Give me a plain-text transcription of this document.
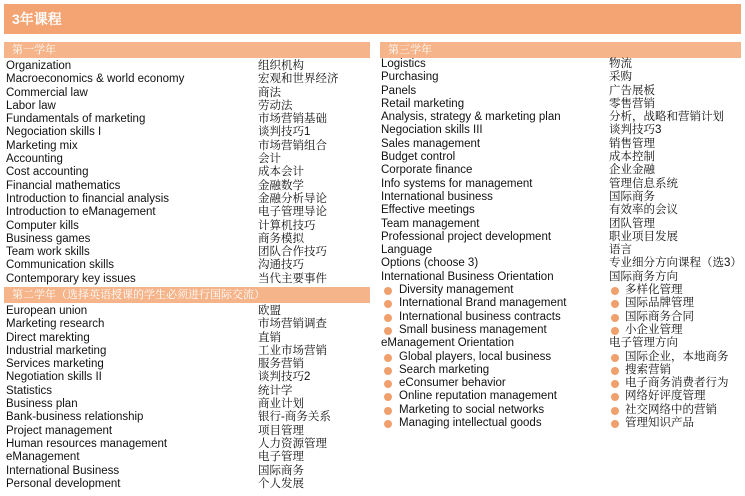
3年课程
第一学年
Organization	组织机构
Macroeconomics & world economy	宏观和世界经济
Commercial law	商法
Labor law	劳动法
Fundamentals of marketing	市场营销基础
Negociation skills I	谈判技巧1
Marketing mix	市场营销组合
Accounting	会计
Cost accounting	成本会计
Financial mathematics	金融数学
Introduction to financial analysis	金融分析导论
Introduction to eManagement	电子管理导论
Computer kills	计算机技巧
Business games	商务模拟
Team work skills	团队合作技巧
Communication skills	沟通技巧
Contemporary key issues	当代主要事件
第二学年（选择英语授课的学生必须进行国际交流）
European union	欧盟
Marketing research	市场营销调查
Direct marekting	直销
Industrial marketing	工业市场营销
Services marketing	服务营销
Negotiation skills II	谈判技巧2
Statistics	统计学
Business plan	商业计划
Bank-business relationship	银行-商务关系
Project management	项目管理
Human resources management	人力资源管理
eManagement	电子管理
International Business	国际商务
Personal development	个人发展
第三学年
Logistics	物流
Purchasing	采购
Panels	广告展板
Retail marketing	零售营销
Analysis, strategy & marketing plan	分析，战略和营销计划
Negociation skills III	谈判技巧3
Sales management	销售管理
Budget control	成本控制
Corporate finance	企业金融
Info systems for management	管理信息系统
International business	国际商务
Effective meetings	有效率的会议
Team management	团队管理
Professional project development	职业项目发展
Language	语言
Options (choose 3)	专业细分方向课程（选3）
International Business Orientation	国际商务方向
Diversity management	多样化管理
International Brand management	国际品牌管理
International business contracts	国际商务合同
Small business management	小企业管理
eManagement Orientation	电子管理方向
Global players, local business	国际企业，本地商务
Search marketing	搜索营销
eConsumer behavior	电子商务消费者行为
Online reputation management	网络好评度管理
Marketing to social networks	社交网络中的营销
Managing intellectual goods	管理知识产品
